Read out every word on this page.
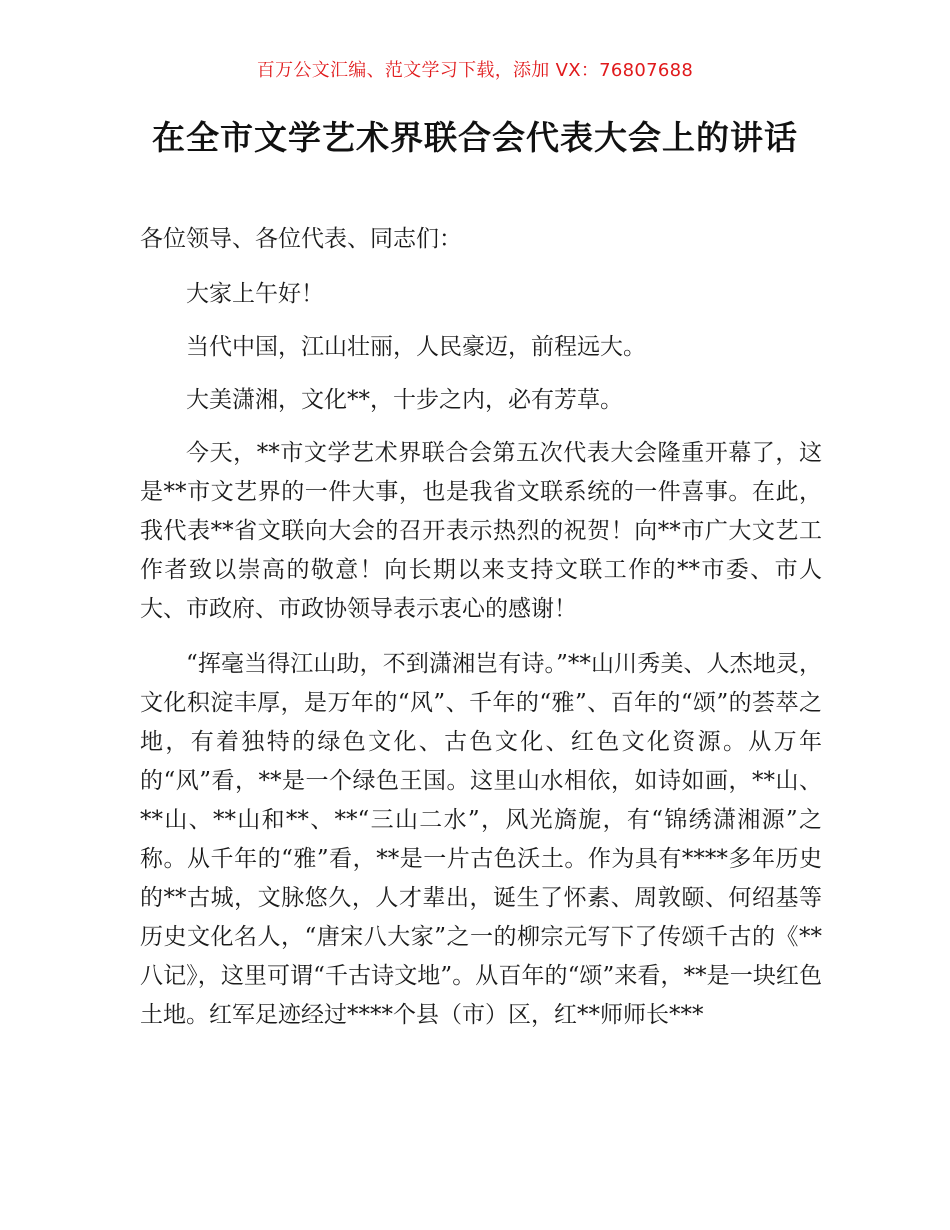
百万公文汇编、范文学习下载，添加 VX：76807688
在全市文学艺术界联合会代表大会上的讲话

各位领导、各位代表、同志们：

大家上午好！

当代中国，江山壮丽，人民豪迈，前程远大。

大美潇湘，文化**，十步之内，必有芳草。

今天，**市文学艺术界联合会第五次代表大会隆重开幕了，这是**市文艺界的一件大事，也是我省文联系统的一件喜事。在此，我代表**省文联向大会的召开表示热烈的祝贺！向**市广大文艺工作者致以崇高的敬意！向长期以来支持文联工作的**市委、市人大、市政府、市政协领导表示衷心的感谢！

“挥毫当得江山助，不到潇湘岂有诗。”**山川秀美、人杰地灵，文化积淀丰厚，是万年的“风”、千年的“雅”、百年的“颂”的荟萃之地，有着独特的绿色文化、古色文化、红色文化资源。从万年的“风”看，**是一个绿色王国。这里山水相依，如诗如画，**山、**山、**山和**、**“三山二水”，风光旖旎，有“锦绣潇湘源”之称。从千年的“雅”看，**是一片古色沃土。作为具有****多年历史的**古城，文脉悠久，人才辈出，诞生了怀素、周敦颐、何绍基等历史文化名人，“唐宋八大家”之一的柳宗元写下了传颂千古的《**八记》，这里可谓“千古诗文地”。从百年的“颂”来看，**是一块红色土地。红军足迹经过****个县（市）区，红**师师长***
